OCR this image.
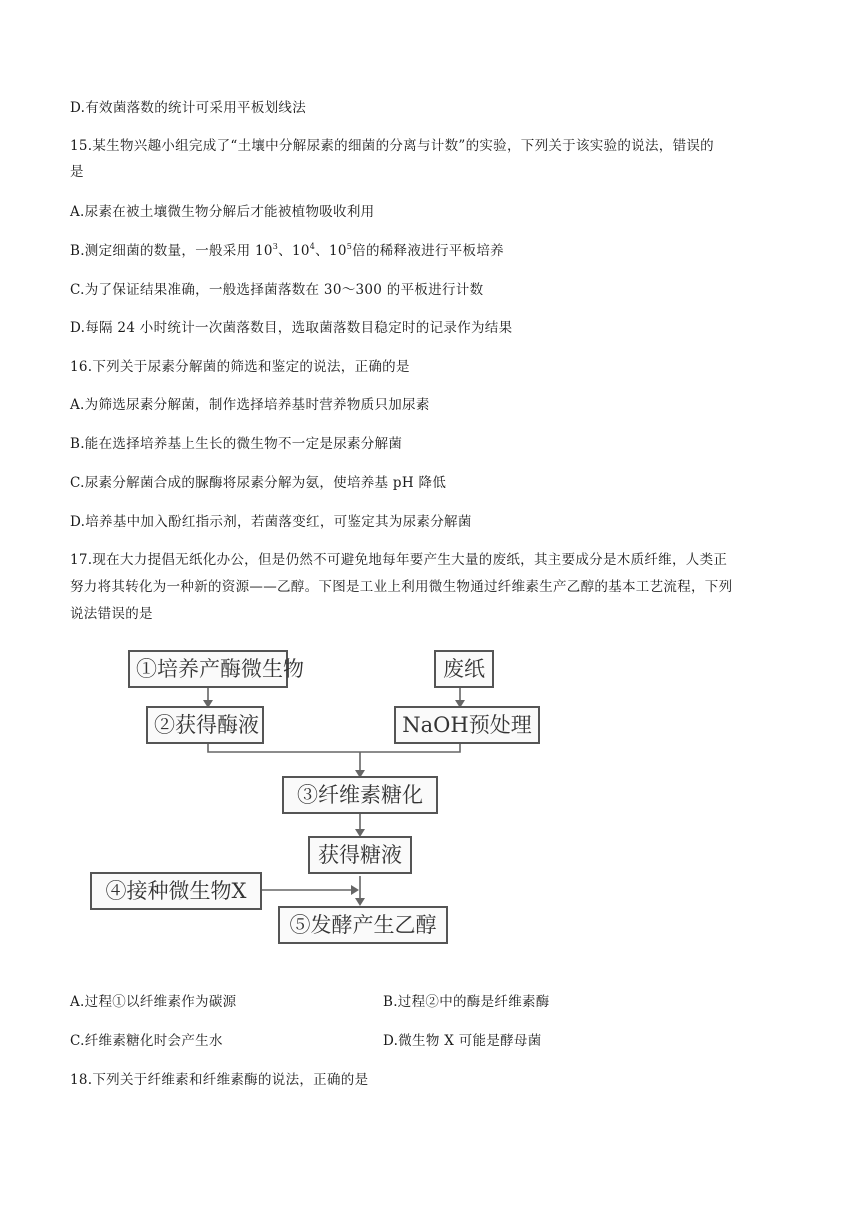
D.有效菌落数的统计可采用平板划线法
15.某生物兴趣小组完成了“土壤中分解尿素的细菌的分离与计数”的实验，下列关于该实验的说法，错误的
是
A.尿素在被土壤微生物分解后才能被植物吸收利用
B.测定细菌的数量，一般采用 $10^3$、$10^4$、$10^5$倍的稀释液进行平板培养
C.为了保证结果准确，一般选择菌落数在 30～300 的平板进行计数
D.每隔 24 小时统计一次菌落数目，选取菌落数目稳定时的记录作为结果
16.下列关于尿素分解菌的筛选和鉴定的说法，正确的是
A.为筛选尿素分解菌，制作选择培养基时营养物质只加尿素
B.能在选择培养基上生长的微生物不一定是尿素分解菌
C.尿素分解菌合成的脲酶将尿素分解为氨，使培养基 pH 降低
D.培养基中加入酚红指示剂，若菌落变红，可鉴定其为尿素分解菌
17.现在大力提倡无纸化办公，但是仍然不可避免地每年要产生大量的废纸，其主要成分是木质纤维，人类正
努力将其转化为一种新的资源——乙醇。下图是工业上利用微生物通过纤维素生产乙醇的基本工艺流程，下列
说法错误的是
①培养产酶微生物	废纸
②获得酶液	NaOH预处理
③纤维素糖化
获得糖液
④接种微生物X
⑤发酵产生乙醇
A.过程①以纤维素作为碳源	B.过程②中的酶是纤维素酶
C.纤维素糖化时会产生水	D.微生物 X 可能是酵母菌
18.下列关于纤维素和纤维素酶的说法，正确的是
